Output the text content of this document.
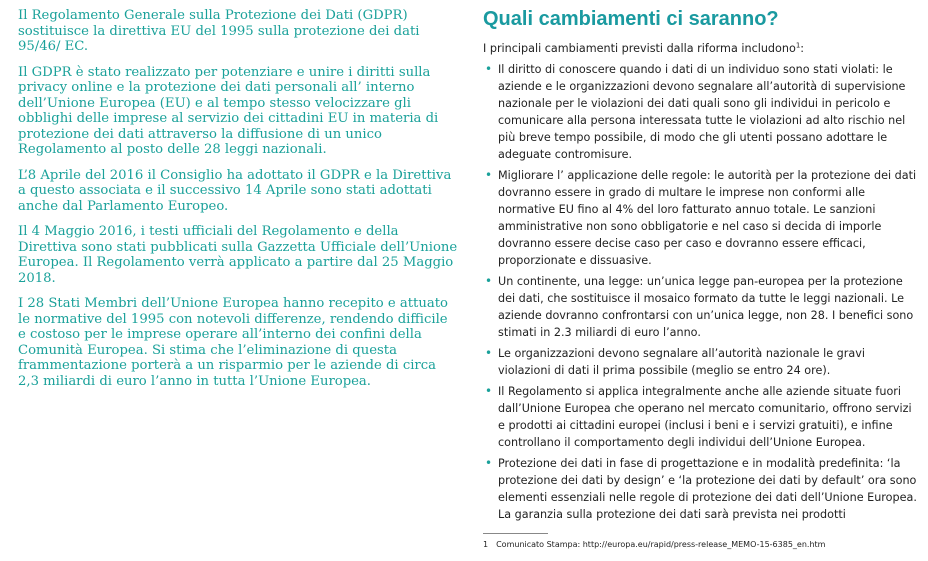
Il Regolamento Generale sulla Protezione dei Dati (GDPR) sostituisce la direttiva EU del 1995 sulla protezione dei dati 95/46/ EC.

Il GDPR è stato realizzato per potenziare e unire i diritti sulla privacy online e la protezione dei dati personali all’ interno dell’Unione Europea (EU) e al tempo stesso velocizzare gli obblighi delle imprese al servizio dei cittadini EU in materia di protezione dei dati attraverso la diffusione di un unico Regolamento al posto delle 28 leggi nazionali.

L’8 Aprile del 2016 il Consiglio ha adottato il GDPR e la Direttiva a questo associata e il successivo 14 Aprile sono stati adottati anche dal Parlamento Europeo.

Il 4 Maggio 2016, i testi ufficiali del Regolamento e della Direttiva sono stati pubblicati sulla Gazzetta Ufficiale dell’Unione Europea. Il Regolamento verrà applicato a partire dal 25 Maggio 2018.

I 28 Stati Membri dell’Unione Europea hanno recepito e attuato le normative del 1995 con notevoli differenze, rendendo difficile e costoso per le imprese operare all’interno dei confini della Comunità Europea. Si stima che l’eliminazione di questa frammentazione porterà a un risparmio per le aziende di circa 2,3 miliardi di euro l’anno in tutta l’Unione Europea.

Quali cambiamenti ci saranno?
I principali cambiamenti previsti dalla riforma includono$^1$:
• Il diritto di conoscere quando i dati di un individuo sono stati violati: le aziende e le organizzazioni devono segnalare all’autorità di supervisione nazionale per le violazioni dei dati quali sono gli individui in pericolo e comunicare alla persona interessata tutte le violazioni ad alto rischio nel più breve tempo possibile, di modo che gli utenti possano adottare le adeguate contromisure.
• Migliorare l’ applicazione delle regole: le autorità per la protezione dei dati dovranno essere in grado di multare le imprese non conformi alle normative EU fino al 4% del loro fatturato annuo totale. Le sanzioni amministrative non sono obbligatorie e nel caso si decida di imporle dovranno essere decise caso per caso e dovranno essere efficaci, proporzionate e dissuasive.
• Un continente, una legge: un’unica legge pan-europea per la protezione dei dati, che sostituisce il mosaico formato da tutte le leggi nazionali. Le aziende dovranno confrontarsi con un’unica legge, non 28. I benefici sono stimati in 2.3 miliardi di euro l’anno.
• Le organizzazioni devono segnalare all’autorità nazionale le gravi violazioni di dati il prima possibile (meglio se entro 24 ore).
• Il Regolamento si applica integralmente anche alle aziende situate fuori dall’Unione Europea che operano nel mercato comunitario, offrono servizi e prodotti ai cittadini europei (inclusi i beni e i servizi gratuiti), e infine controllano il comportamento degli individui dell’Unione Europea.
• Protezione dei dati in fase di progettazione e in modalità predefinita: ‘la protezione dei dati by design’ e ‘la protezione dei dati by default’ ora sono elementi essenziali nelle regole di protezione dei dati dell’Unione Europea. La garanzia sulla protezione dei dati sarà prevista nei prodotti
1 Comunicato Stampa: http://europa.eu/rapid/press-release_MEMO-15-6385_en.htm
